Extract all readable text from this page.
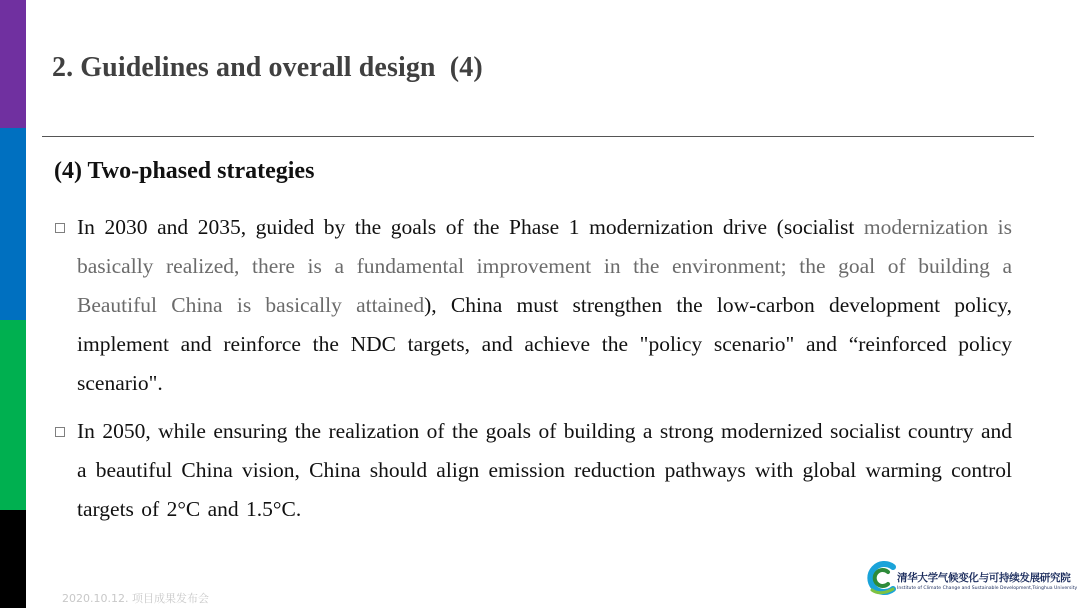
2. Guidelines and overall design  (4)
(4) Two-phased strategies
In 2030 and 2035, guided by the goals of the Phase 1 modernization drive (socialist modernization is basically realized, there is a fundamental improvement in the environment; the goal of building a Beautiful China is basically attained), China must strengthen the low-carbon development policy, implement and reinforce the NDC targets, and achieve the "policy scenario" and “reinforced policy scenario".
In 2050, while ensuring the realization of the goals of building a strong modernized socialist country and a beautiful China vision, China should align emission reduction pathways with global warming control targets of 2°C and 1.5°C.
2020.10.12. 项目成果发布会
清华大学气候变化与可持续发展研究院
Institute of Climate Change and Sustainable Development,Tsinghua University
